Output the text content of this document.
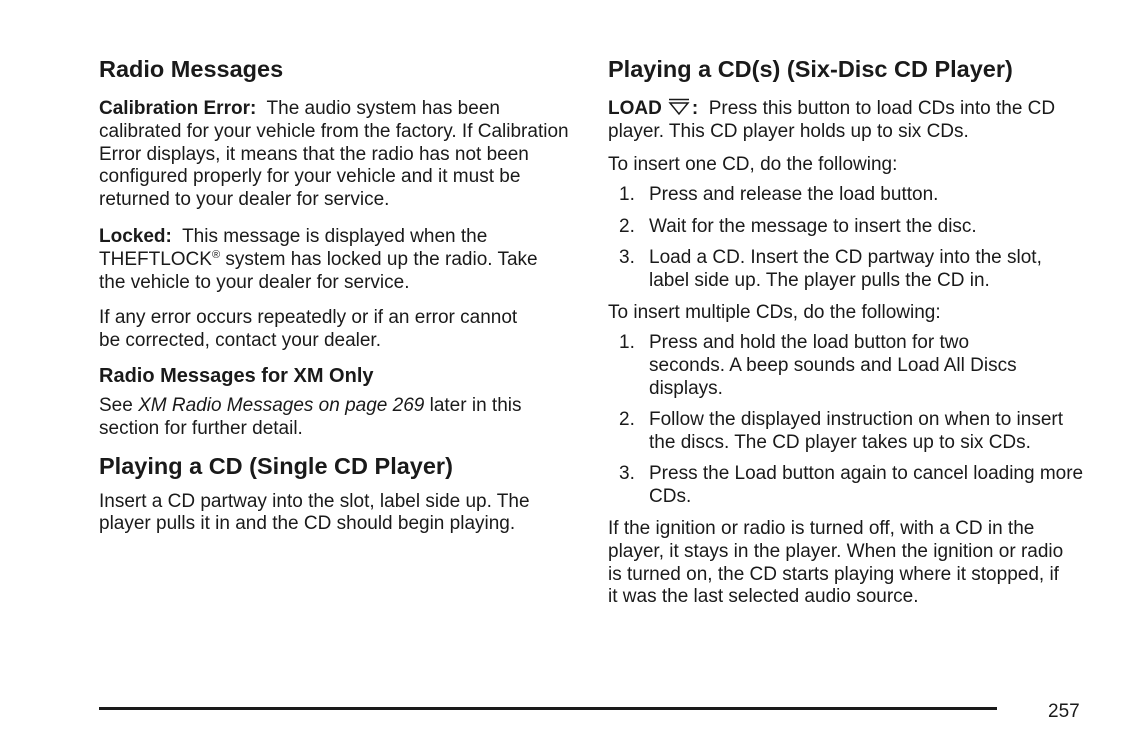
Radio Messages

Calibration Error: The audio system has been calibrated for your vehicle from the factory. If Calibration Error displays, it means that the radio has not been configured properly for your vehicle and it must be returned to your dealer for service.

Locked: This message is displayed when the THEFTLOCK® system has locked up the radio. Take the vehicle to your dealer for service.

If any error occurs repeatedly or if an error cannot be corrected, contact your dealer.

Radio Messages for XM Only

See XM Radio Messages on page 269 later in this section for further detail.

Playing a CD (Single CD Player)

Insert a CD partway into the slot, label side up. The player pulls it in and the CD should begin playing.

Playing a CD(s) (Six-Disc CD Player)

LOAD : Press this button to load CDs into the CD player. This CD player holds up to six CDs.

To insert one CD, do the following:

1. Press and release the load button.
2. Wait for the message to insert the disc.
3. Load a CD. Insert the CD partway into the slot, label side up. The player pulls the CD in.

To insert multiple CDs, do the following:

1. Press and hold the load button for two seconds. A beep sounds and Load All Discs displays.
2. Follow the displayed instruction on when to insert the discs. The CD player takes up to six CDs.
3. Press the Load button again to cancel loading more CDs.

If the ignition or radio is turned off, with a CD in the player, it stays in the player. When the ignition or radio is turned on, the CD starts playing where it stopped, if it was the last selected audio source.

257
